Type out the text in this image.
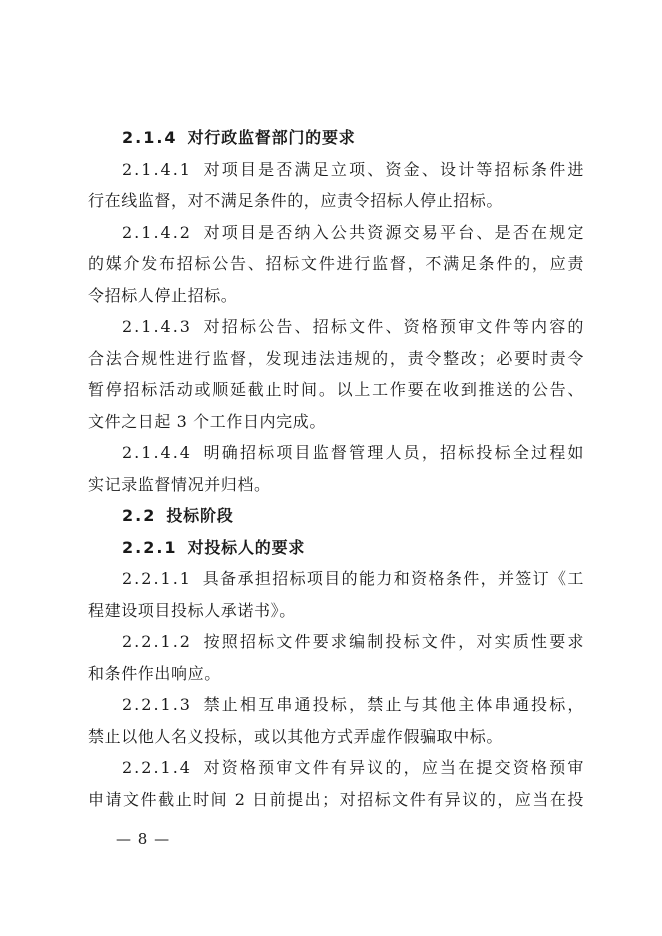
2.1.4 对行政监督部门的要求
2.1.4.1 对项目是否满足立项、资金、设计等招标条件进
行在线监督，对不满足条件的，应责令招标人停止招标。
2.1.4.2 对项目是否纳入公共资源交易平台、是否在规定
的媒介发布招标公告、招标文件进行监督，不满足条件的，应责
令招标人停止招标。
2.1.4.3 对招标公告、招标文件、资格预审文件等内容的
合法合规性进行监督，发现违法违规的，责令整改；必要时责令
暂停招标活动或顺延截止时间。以上工作要在收到推送的公告、
文件之日起 3 个工作日内完成。
2.1.4.4 明确招标项目监督管理人员，招标投标全过程如
实记录监督情况并归档。
2.2 投标阶段
2.2.1 对投标人的要求
2.2.1.1 具备承担招标项目的能力和资格条件，并签订《工
程建设项目投标人承诺书》。
2.2.1.2 按照招标文件要求编制投标文件，对实质性要求
和条件作出响应。
2.2.1.3 禁止相互串通投标，禁止与其他主体串通投标，
禁止以他人名义投标，或以其他方式弄虚作假骗取中标。
2.2.1.4 对资格预审文件有异议的，应当在提交资格预审
申请文件截止时间 2 日前提出；对招标文件有异议的，应当在投
— 8 —
